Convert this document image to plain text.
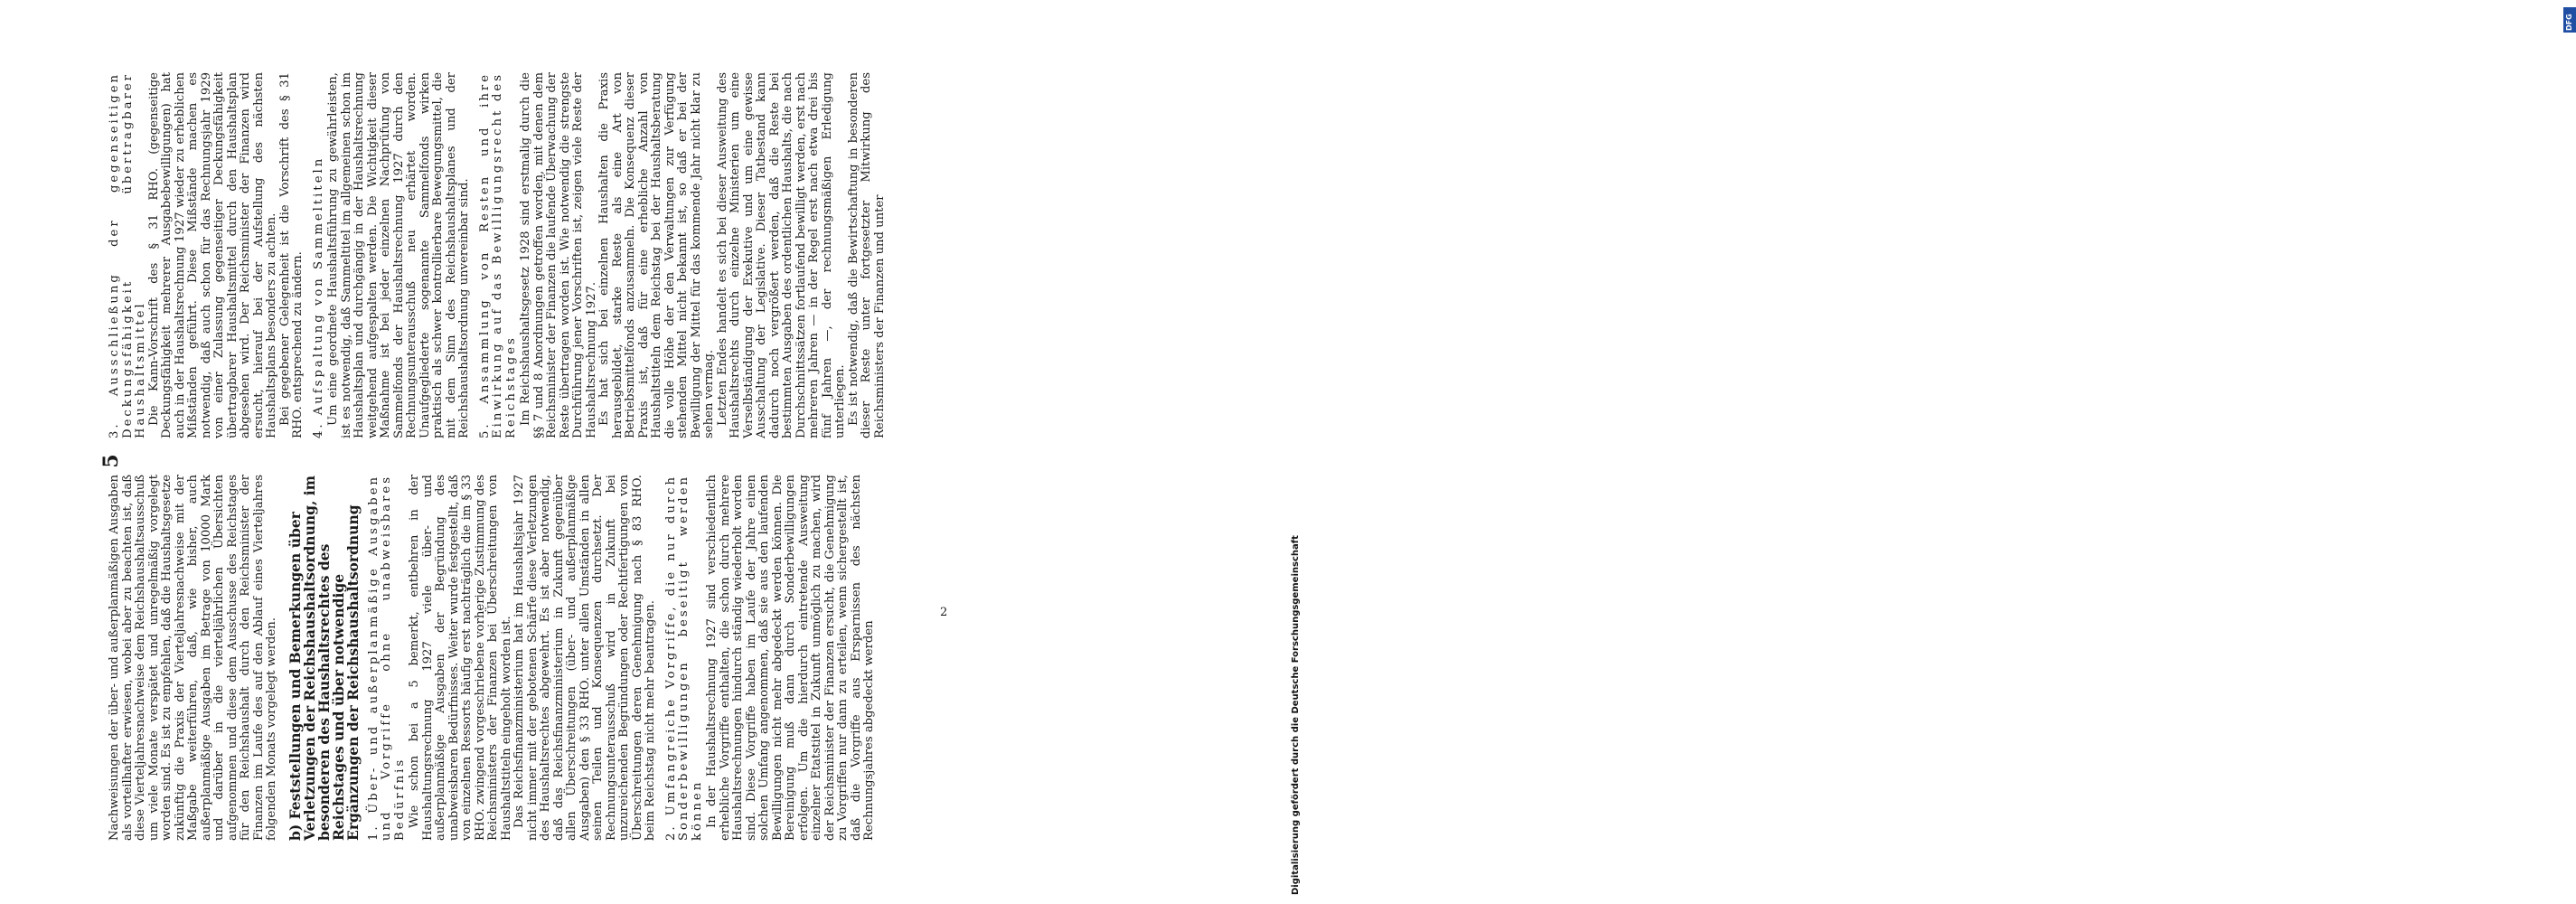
5

Nachweisungen der über- und außerplanmäßigen Ausgaben als vorteilhafter erwiesen, wobei aber zu beachten ist, daß diese Vierteljahresnachweise dem Reichshaushaltsausschuß um viele Monate verspätet und unregelmäßig vorgelegt worden sind. Es ist zu empfehlen, daß die Haushaltsgesetze zukünftig die Praxis der Vierteljahresnachweise mit der Maßgabe weiterführen, daß, wie bisher, auch außerplanmäßige Ausgaben im Betrage von 10000 Mark und darüber in die vierteljährlichen Übersichten aufgenommen und diese dem Ausschusse des Reichstages für den Reichshaushalt durch den Reichsminister der Finanzen im Laufe des auf den Ablauf eines Vierteljahres folgenden Monats vorgelegt werden. b) Feststellungen und Bemerkungen über Verletzungen der Reichshaushaltsordnung, im besonderen des Haushaltsrechtes des Reichstages und über notwendige Ergänzungen der Reichshaushaltsordnung 1. Über- und außerplanmäßige Ausgaben und Vorgriffe ohne unabweisbares Bedürfnis Wie schon bei a 5 bemerkt, entbehren in der Haushaltungsrechnung 1927 viele über- und außerplanmäßige Ausgaben der Begründung des unabweisbaren Bedürfnisses. Weiter wurde festgestellt, daß von einzelnen Ressorts häufig erst nachträglich die im § 33 RHO. zwingend vorgeschriebene vorherige Zustimmung des Reichsministers der Finanzen bei Überschreitungen von Haushaltstiteln eingeholt worden ist. Das Reichsfinanzministerium hat im Haushaltsjahr 1927 nicht immer mit der gebotenen Schärfe diese Verletzungen des Haushaltsrechtes abgewehrt. Es ist aber notwendig, daß das Reichsfinanzministerium in Zukunft gegenüber allen Überschreitungen (über- und außerplanmäßige Ausgaben) den § 33 RHO. unter allen Umständen in allen seinen Teilen und Konsequenzen durchsetzt. Der Rechnungsunterausschuß wird in Zukunft bei unzureichenden Begründungen oder Rechtfertigungen von Überschreitungen deren Genehmigung nach § 83 RHO. beim Reichstag nicht mehr beantragen. 2. Umfangreiche Vorgriffe, die nur durch Sonderbewilligungen beseitigt werden können In der Haushaltsrechnung 1927 sind verschiedentlich erhebliche Vorgriffe enthalten, die schon durch mehrere Haushaltsrechnungen hindurch ständig wiederholt worden sind. Diese Vorgriffe haben im Laufe der Jahre einen solchen Umfang angenommen, daß sie aus den laufenden Bewilligungen nicht mehr abgedeckt werden können. Die Bereinigung muß dann durch Sonderbewilligungen erfolgen. Um die hierdurch eintretende Ausweitung einzelner Etatstitel in Zukunft unmöglich zu machen, wird der Reichsminister der Finanzen ersucht, die Genehmigung zu Vorgriffen nur dann zu erteilen, wenn sichergestellt ist, daß die Vorgriffe aus Ersparnissen des nächsten Rechnungsjahres abgedeckt werden

3. Ausschließung der gegenseitigen Deckungsfähigkeit übertragbarer Haushaltsmittel Die Kann-Vorschrift des § 31 RHO. (gegenseitige Deckungsfähigkeit mehrerer Ausgabebewilligungen) hat auch in der Haushaltsrechnung 1927 wieder zu erheblichen Mißständen geführt. Diese Mißstände machen es notwendig, daß auch schon für das Rechnungsjahr 1929 von einer Zulassung gegenseitiger Deckungsfähigkeit übertragbarer Haushaltsmittel durch den Haushaltsplan abgesehen wird. Der Reichsminister der Finanzen wird ersucht, hierauf bei der Aufstellung des nächsten Haushaltsplans besonders zu achten. Bei gegebener Gelegenheit ist die Vorschrift des § 31 RHO. entsprechend zu ändern. 4. Aufspaltung von Sammeltiteln Um eine geordnete Haushaltsführung zu gewährleisten, ist es notwendig, daß Sammeltitel im allgemeinen schon im Haushaltsplan und durchgängig in der Haushaltsrechnung weitgehend aufgespalten werden. Die Wichtigkeit dieser Maßnahme ist bei jeder einzelnen Nachprüfung von Sammelfonds der Haushaltsrechnung 1927 durch den Rechnungsunterausschuß neu erhärtet worden. Unaufgegliederte sogenannte Sammelfonds wirken praktisch als schwer kontrollierbare Bewegungsmittel, die mit dem Sinn des Reichshaushaltsplanes und der Reichshaushaltsordnung unvereinbar sind. 5. Ansammlung von Resten und ihre Einwirkung auf das Bewilligungsrecht des Reichstages Im Reichshaushaltsgesetz 1928 sind erstmalig durch die §§ 7 und 8 Anordnungen getroffen worden, mit denen dem Reichsminister der Finanzen die laufende Überwachung der Reste übertragen worden ist. Wie notwendig die strengste Durchführung jener Vorschriften ist, zeigen viele Reste der Haushaltsrechnung 1927. Es hat sich bei einzelnen Haushalten die Praxis herausgebildet, starke Reste als eine Art von Betriebsmittelfonds anzusammeln. Die Konsequenz dieser Praxis ist, daß für eine erhebliche Anzahl von Haushaltstiteln dem Reichstag bei der Haushaltsberatung die volle Höhe der den Verwaltungen zur Verfügung stehenden Mittel nicht bekannt ist, so daß er bei der Bewilligung der Mittel für das kommende Jahr nicht klar zu sehen vermag. Letzten Endes handelt es sich bei dieser Ausweitung des Haushaltsrechts durch einzelne Ministerien um eine Verselbständigung der Exekutive und um eine gewisse Ausschaltung der Legislative. Dieser Tatbestand kann dadurch noch vergrößert werden, daß die Reste bei bestimmten Ausgaben des ordentlichen Haushalts, die nach Durchschnittssätzen fortlaufend bewilligt werden, erst nach mehreren Jahren — in der Regel erst nach etwa drei bis fünf Jahren —, der rechnungsmäßigen Erledigung unterliegen. Es ist notwendig, daß die Bewirtschaftung in besonderen dieser Reste unter fortgesetzter Mitwirkung des Reichsministers der Finanzen und unter

2
DFG
Digitalisierung gefördert durch die Deutsche Forschungsgemeinschaft
